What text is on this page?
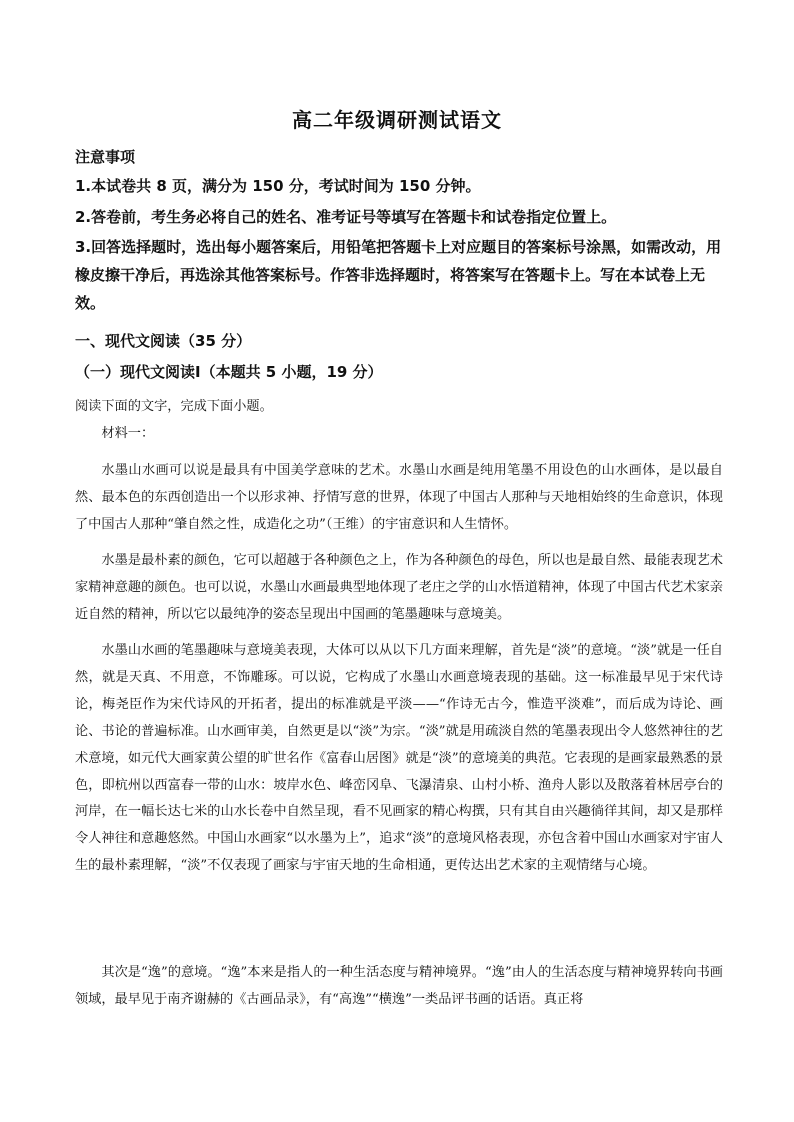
高二年级调研测试语文
注意事项
1.本试卷共 8 页，满分为 150 分，考试时间为 150 分钟。
2.答卷前，考生务必将自己的姓名、准考证号等填写在答题卡和试卷指定位置上。
3.回答选择题时，选出每小题答案后，用铅笔把答题卡上对应题目的答案标号涂黑，如需改动，用橡皮擦干净后，再选涂其他答案标号。作答非选择题时，将答案写在答题卡上。写在本试卷上无效。
一、现代文阅读（35 分）
（一）现代文阅读Ⅰ（本题共 5 小题，19 分）
阅读下面的文字，完成下面小题。
材料一：
水墨山水画可以说是最具有中国美学意味的艺术。水墨山水画是纯用笔墨不用设色的山水画体，是以最自然、最本色的东西创造出一个以形求神、抒情写意的世界，体现了中国古人那种与天地相始终的生命意识，体现了中国古人那种“肇自然之性，成造化之功”（王维）的宇宙意识和人生情怀。
水墨是最朴素的颜色，它可以超越于各种颜色之上，作为各种颜色的母色，所以也是最自然、最能表现艺术家精神意趣的颜色。也可以说，水墨山水画最典型地体现了老庄之学的山水悟道精神，体现了中国古代艺术家亲近自然的精神，所以它以最纯净的姿态呈现出中国画的笔墨趣味与意境美。
水墨山水画的笔墨趣味与意境美表现，大体可以从以下几方面来理解，首先是“淡”的意境。“淡”就是一任自然，就是天真、不用意，不饰雕琢。可以说，它构成了水墨山水画意境表现的基础。这一标准最早见于宋代诗论，梅尧臣作为宋代诗风的开拓者，提出的标准就是平淡——“作诗无古今，惟造平淡难”，而后成为诗论、画论、书论的普遍标准。山水画审美，自然更是以“淡”为宗。“淡”就是用疏淡自然的笔墨表现出令人悠然神往的艺术意境，如元代大画家黄公望的旷世名作《富春山居图》就是“淡”的意境美的典范。它表现的是画家最熟悉的景色，即杭州以西富春一带的山水：坡岸水色、峰峦冈阜、飞瀑清泉、山村小桥、渔舟人影以及散落着林居亭台的河岸，在一幅长达七米的山水长卷中自然呈现，看不见画家的精心构撰，只有其自由兴趣徜徉其间，却又是那样令人神往和意趣悠然。中国山水画家“以水墨为上”，追求“淡”的意境风格表现，亦包含着中国山水画家对宇宙人生的最朴素理解，“淡”不仅表现了画家与宇宙天地的生命相通，更传达出艺术家的主观情绪与心境。
其次是“逸”的意境。“逸”本来是指人的一种生活态度与精神境界。“逸”由人的生活态度与精神境界转向书画领域，最早见于南齐谢赫的《古画品录》，有“高逸”“横逸”一类品评书画的话语。真正将
